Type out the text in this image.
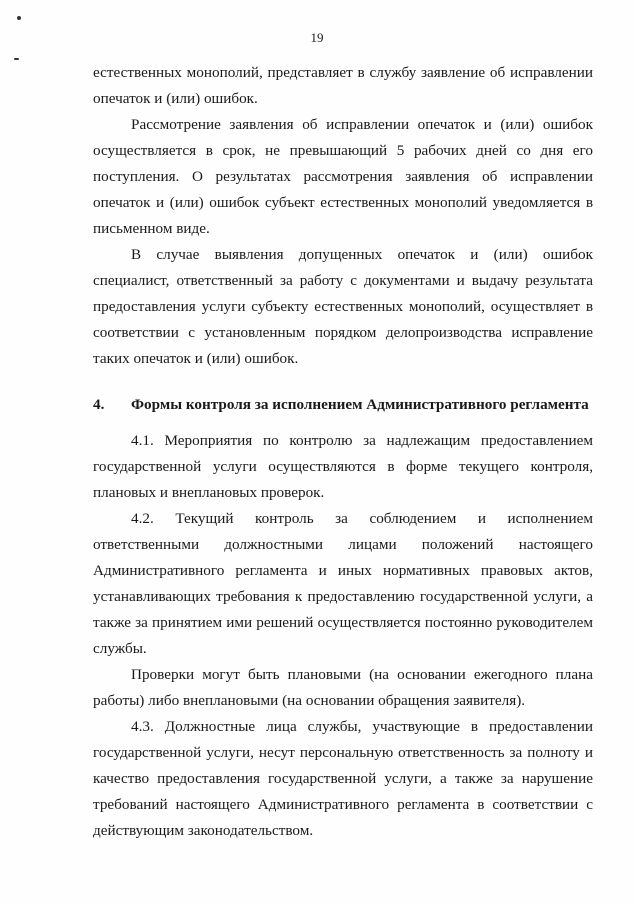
19

естественных монополий, представляет в службу заявление об исправлении опечаток и (или) ошибок.

Рассмотрение заявления об исправлении опечаток и (или) ошибок осуществляется в срок, не превышающий 5 рабочих дней со дня его поступления. О результатах рассмотрения заявления об исправлении опечаток и (или) ошибок субъект естественных монополий уведомляется в письменном виде.

В случае выявления допущенных опечаток и (или) ошибок специалист, ответственный за работу с документами и выдачу результата предоставления услуги субъекту естественных монополий, осуществляет в соответствии с установленным порядком делопроизводства исправление таких опечаток и (или) ошибок.

4.	Формы контроля за исполнением Административного регламента

4.1. Мероприятия по контролю за надлежащим предоставлением государственной услуги осуществляются в форме текущего контроля, плановых и внеплановых проверок.

4.2. Текущий контроль за соблюдением и исполнением ответственными должностными лицами положений настоящего Административного регламента и иных нормативных правовых актов, устанавливающих требования к предоставлению государственной услуги, а также за принятием ими решений осуществляется постоянно руководителем службы.

Проверки могут быть плановыми (на основании ежегодного плана работы) либо внеплановыми (на основании обращения заявителя).

4.3. Должностные лица службы, участвующие в предоставлении государственной услуги, несут персональную ответственность за полноту и качество предоставления государственной услуги, а также за нарушение требований настоящего Административного регламента в соответствии с действующим законодательством.
